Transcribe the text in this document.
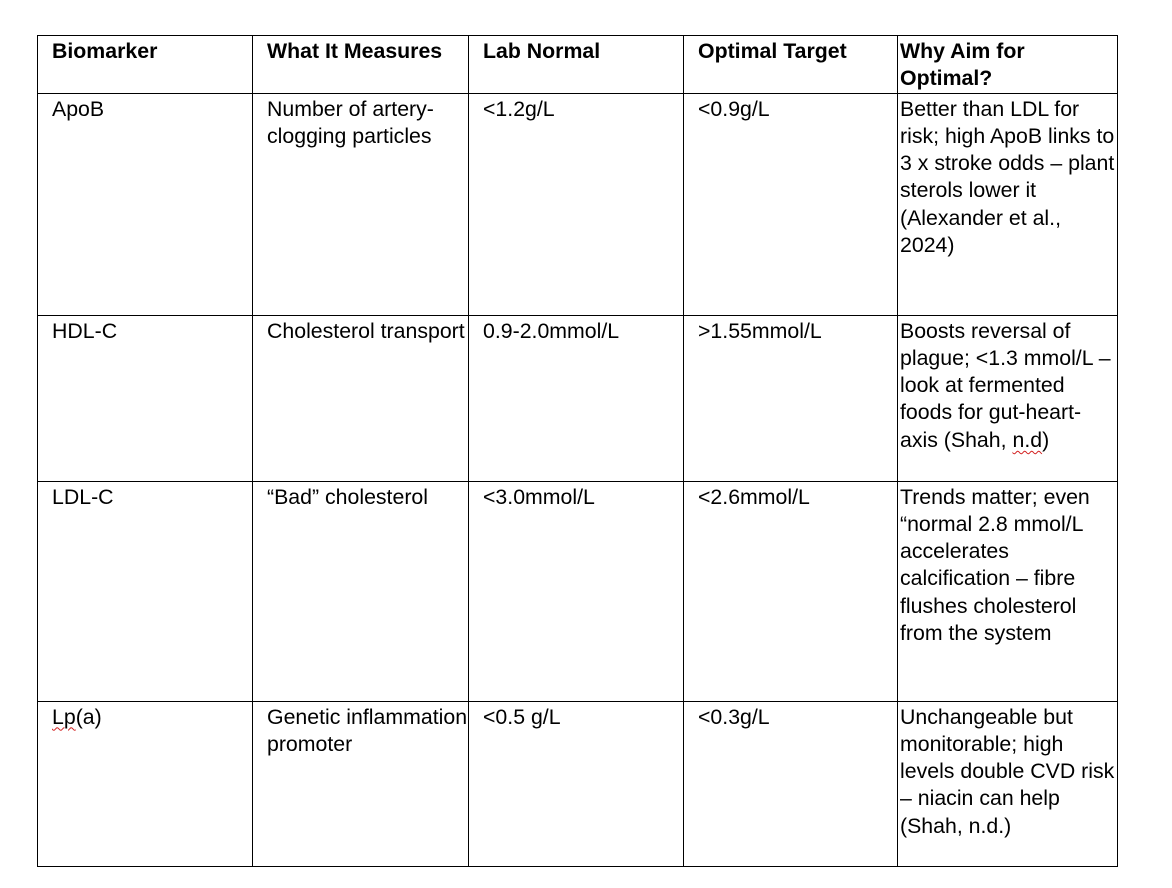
Biomarker	What It Measures	Lab Normal	Optimal Target	Why Aim for Optimal?
ApoB	Number of artery-clogging particles	<1.2g/L	<0.9g/L	Better than LDL for risk; high ApoB links to 3 x stroke odds – plant sterols lower it (Alexander et al., 2024)
HDL-C	Cholesterol transport	0.9-2.0mmol/L	>1.55mmol/L	Boosts reversal of plague; <1.3 mmol/L – look at fermented foods for gut-heart-axis (Shah, n.d)
LDL-C	“Bad” cholesterol	<3.0mmol/L	<2.6mmol/L	Trends matter; even “normal 2.8 mmol/L accelerates calcification – fibre flushes cholesterol from the system
Lp(a)	Genetic inflammation promoter	<0.5 g/L	<0.3g/L	Unchangeable but monitorable; high levels double CVD risk – niacin can help (Shah, n.d.)
